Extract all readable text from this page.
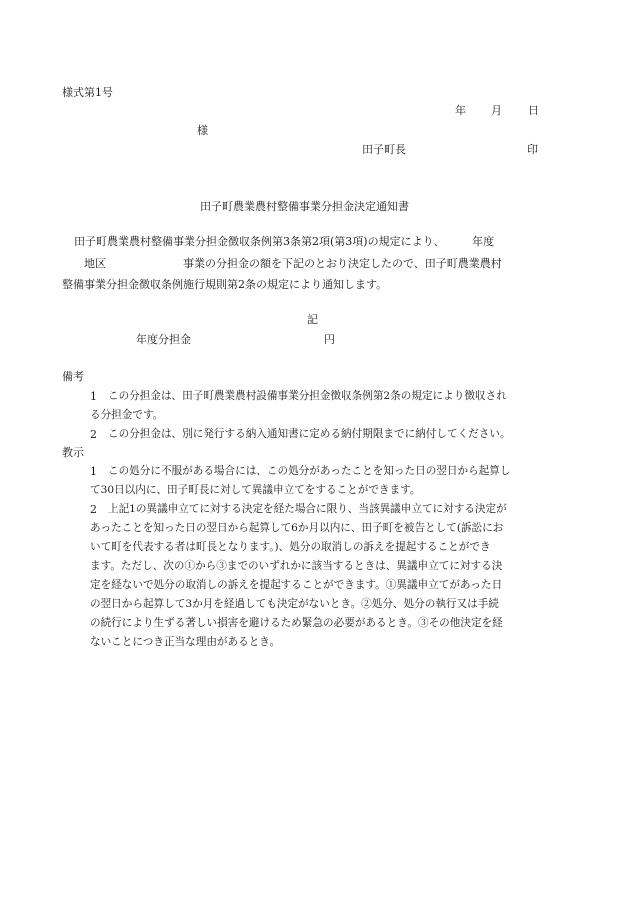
様式第1号
年 月 日
様
田子町長	印
田子町農業農村整備事業分担金決定通知書
田子町農業農村整備事業分担金徴収条例第3条第2項(第3項)の規定により、　　　年度
　　地区　　　　　　　事業の分担金の額を下記のとおり決定したので、田子町農業農村
整備事業分担金徴収条例施行規則第2条の規定により通知します。
記
年度分担金	円
備考
1 この分担金は、田子町農業農村設備事業分担金徴収条例第2条の規定により徴収され
る分担金です。
2 この分担金は、別に発行する納入通知書に定める納付期限までに納付してください。
教示
1 この処分に不服がある場合には、この処分があったことを知った日の翌日から起算し
て30日以内に、田子町長に対して異議申立てをすることができます。
2 上記1の異議申立てに対する決定を経た場合に限り、当該異議申立てに対する決定が
あったことを知った日の翌日から起算して6か月以内に、田子町を被告として(訴訟にお
いて町を代表する者は町長となります。)、処分の取消しの訴えを提起することができ
ます。ただし、次の①から③までのいずれかに該当するときは、異議申立てに対する決
定を経ないで処分の取消しの訴えを提起することができます。①異議申立てがあった日
の翌日から起算して3か月を経過しても決定がないとき。②処分、処分の執行又は手続
の続行により生ずる著しい損害を避けるため緊急の必要があるとき。③その他決定を経
ないことにつき正当な理由があるとき。
